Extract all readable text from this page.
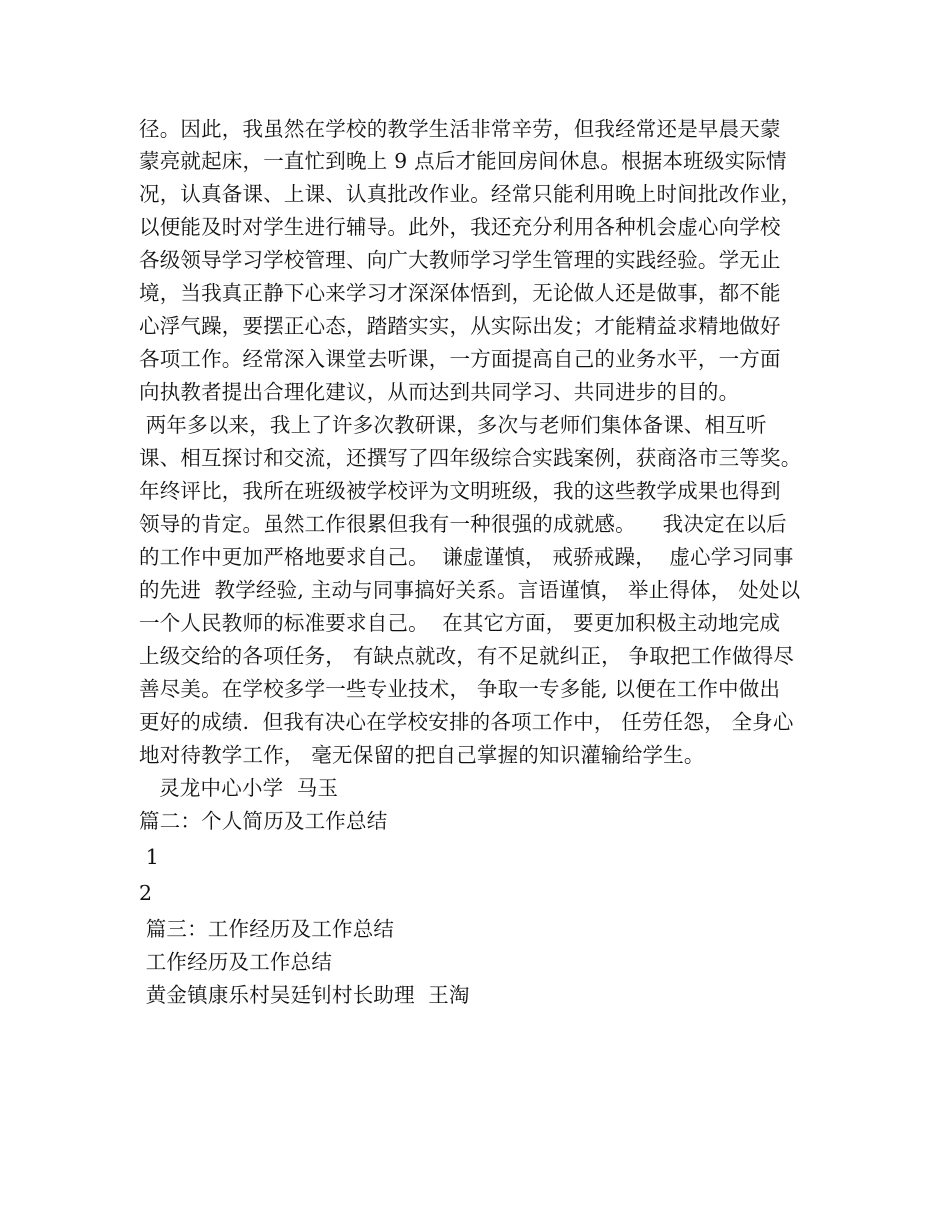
径。因此，我虽然在学校的教学生活非常辛劳，但我经常还是早晨天蒙
蒙亮就起床，一直忙到晚上 9 点后才能回房间休息。根据本班级实际情
况，认真备课、上课、认真批改作业。经常只能利用晚上时间批改作业，
以便能及时对学生进行辅导。此外，我还充分利用各种机会虚心向学校
各级领导学习学校管理、向广大教师学习学生管理的实践经验。学无止
境，当我真正静下心来学习才深深体悟到，无论做人还是做事，都不能
心浮气躁，要摆正心态，踏踏实实，从实际出发；才能精益求精地做好
各项工作。经常深入课堂去听课，一方面提高自己的业务水平，一方面
向执教者提出合理化建议，从而达到共同学习、共同进步的目的。
两年多以来，我上了许多次教研课，多次与老师们集体备课、相互听
课、相互探讨和交流，还撰写了四年级综合实践案例，获商洛市三等奖。
年终评比，我所在班级被学校评为文明班级，我的这些教学成果也得到
领导的肯定。虽然工作很累但我有一种很强的成就感。    我决定在以后
的工作中更加严格地要求自己。  谦虚谨慎， 戒骄戒躁，  虚心学习同事
的先进  教学经验, 主动与同事搞好关系。言语谨慎， 举止得体， 处处以
一个人民教师的标准要求自己。  在其它方面， 要更加积极主动地完成
上级交给的各项任务， 有缺点就改，有不足就纠正， 争取把工作做得尽
善尽美。在学校多学一些专业技术， 争取一专多能, 以便在工作中做出
更好的成绩.  但我有决心在学校安排的各项工作中， 任劳任怨， 全身心
地对待教学工作， 毫无保留的把自己掌握的知识灌输给学生。
灵龙中心小学  马玉
篇二：个人简历及工作总结
1
2
篇三：工作经历及工作总结
工作经历及工作总结
黄金镇康乐村吴廷钊村长助理  王淘
